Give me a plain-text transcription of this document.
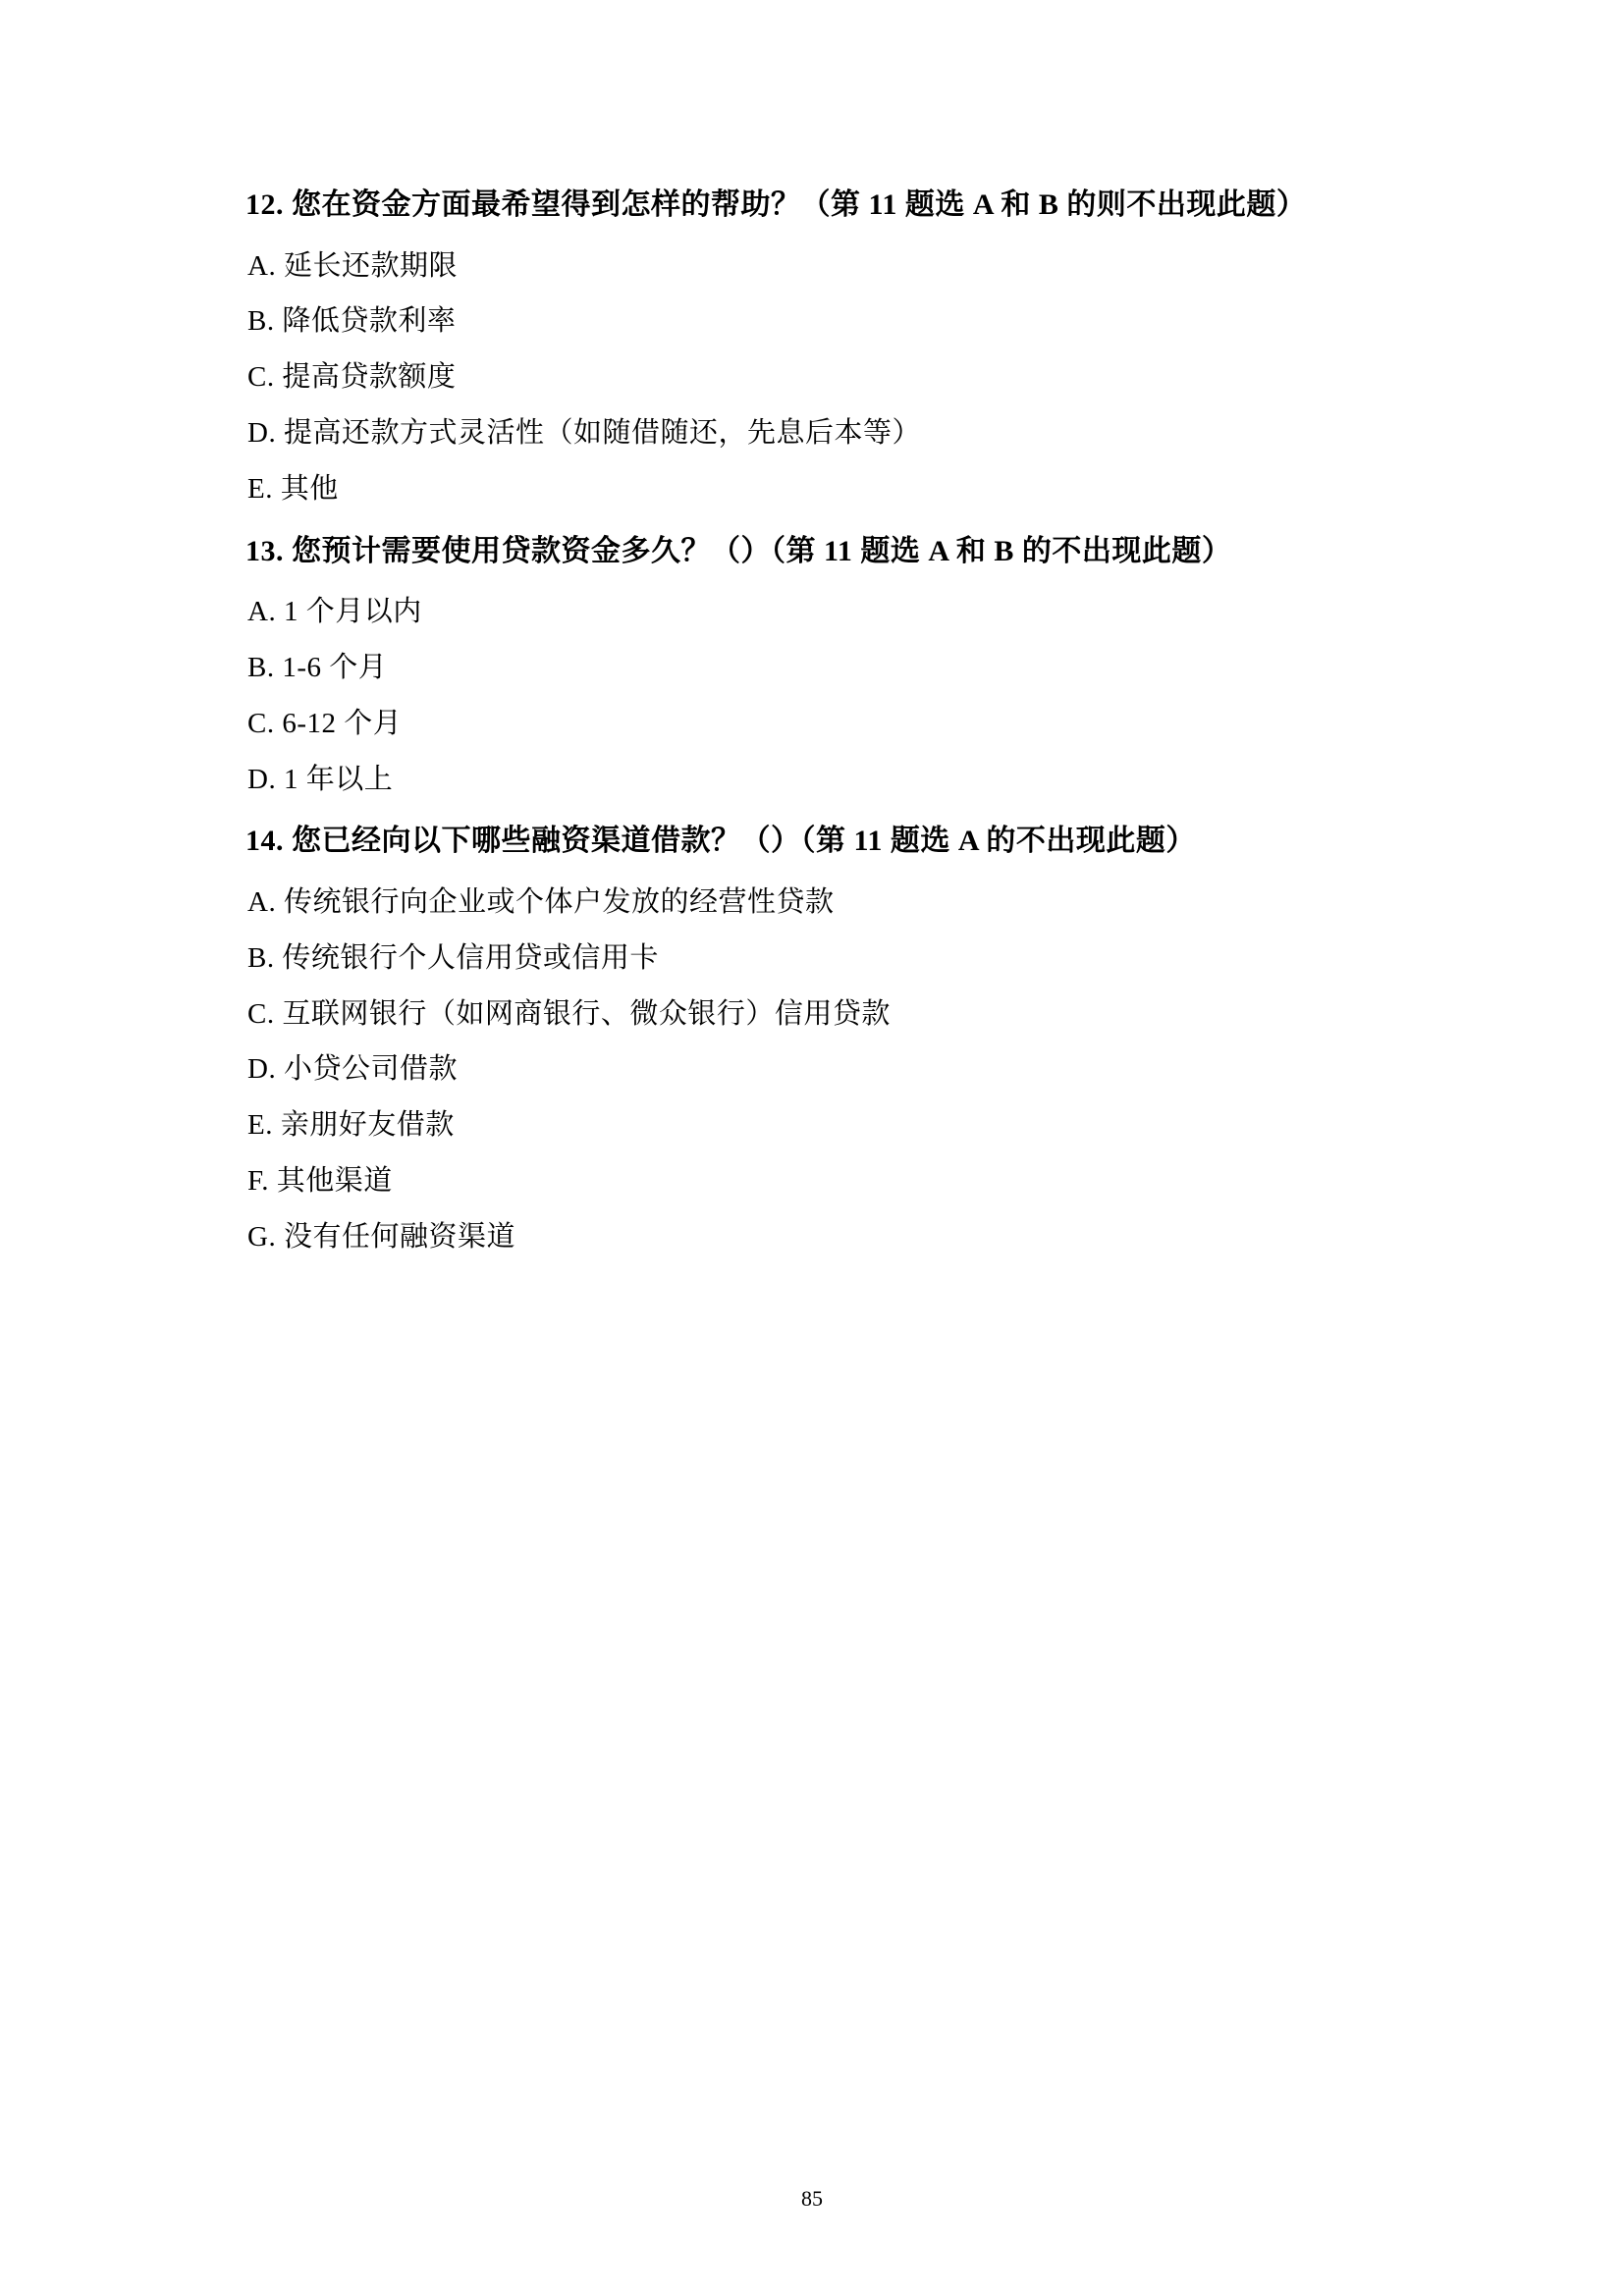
12. 您在资金方面最希望得到怎样的帮助？（第 11 题选 A 和 B 的则不出现此题）

A. 延长还款期限

B. 降低贷款利率

C. 提高贷款额度

D. 提高还款方式灵活性（如随借随还，先息后本等）

E. 其他

13. 您预计需要使用贷款资金多久？（）（第 11 题选 A 和 B 的不出现此题）

A. 1 个月以内

B. 1-6 个月

C. 6-12 个月

D. 1 年以上

14. 您已经向以下哪些融资渠道借款？（）（第 11 题选 A 的不出现此题）

A. 传统银行向企业或个体户发放的经营性贷款

B. 传统银行个人信用贷或信用卡

C. 互联网银行（如网商银行、微众银行）信用贷款

D. 小贷公司借款

E. 亲朋好友借款

F. 其他渠道

G. 没有任何融资渠道

85
